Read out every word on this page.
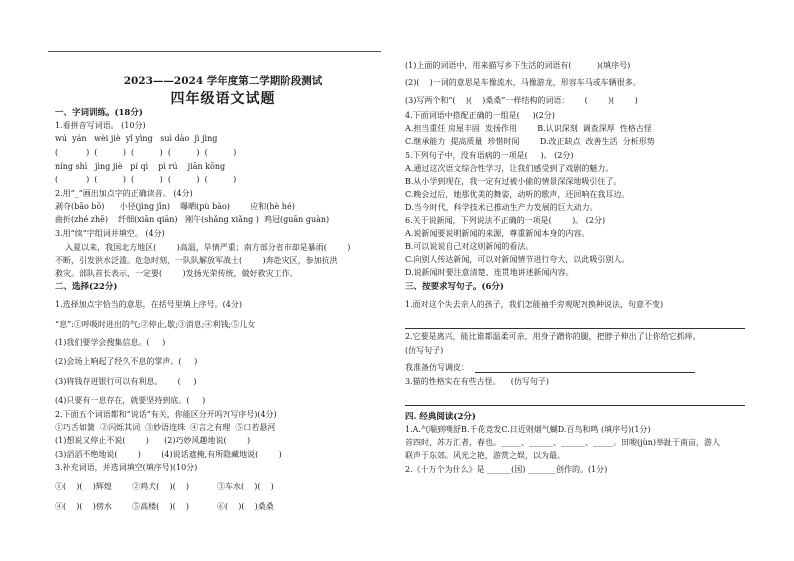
2023——2024 学年度第二学期阶段测试
四年级语文试题
一、字词训练。(18分)
1.看拼音写词语。 (10分)
wú  yán   wèi jiè  yǐ yìng   suì dào  jì jìng
(           )  (          )  (          )  (          )  (          )
níng shì   jìng jiè   pí qì    pì rú    jiān kōng
(           )  (          )  (          )  (          )  (          )
2.用“_”画出加点字的正确读音。 (4分)
剥夺(bāo bō)      小径(jìng jīn)    曝晒(pù bào)        应和(hè hé)
曲折(zhé zhē)    纤细(xiān qiān)   刚午(shǎng xiǎng )  鸡冠(guān guàn)
3.用“续”字组词并填空。 (4分)
入夏以来，我国北方地区(        )高温，旱情严重；南方部分省市却是暴雨(        )
不断，引发洪水泛滥。危急时刻，一队队解放军战士(        )奔赴灾区，参加抗洪
救灾。部队首长表示，一定要(        )发扬光荣传统，做好救灾工作。
二、选择(22分)
1.选择加点字恰当的意思，在括号里填上序号。(4分)
“息”:①呼吸时进出的气;②停止,歇;③消息;④利钱;⑤儿女
(1)我们要学会搜集信息。(     )
(2)会场上响起了经久不息的掌声。(     )
(3)将钱存进银行可以有利息。      (     )
(4)只要有一息存在，就要坚持到底。(     )
2.下面五个词语都和“说话”有关，你能区分开吗?(写序号)(4分)
①巧舌如簧  ②闪烁其词  ③妙语连珠  ④言之有理  ⑤口若悬河
(1)想说又停止不说(        )      (2)巧妙风趣地说(        )
(3)滔滔不绝地说(        )        (4)说话遮掩,有所隐藏地说(        )
3.补充词语，并选词填空(填序号)(10分)
①(    )(    )辉煌        ②鸡犬(    )(    )           ③车水(    )(    )
④(    )(    )傍水        ⑤高楼(    )(    )           ⑥(    )(    )桑桑
(1)上面的词语中，用来描写乡下生活的词语有(          )(填序号)
(2)(    )一词的意思是车像流水，马像游龙，形容车马或车辆很多。
(3)写两个和“(    )(    )桑桑”一样结构的词语：      (        )(        )
4.下面词语中搭配正确的一组是(     )(2分)
A.担当重任 房屋丰固  发扬作用        B.认识深刻  调查深厚  性格古怪
C.继承能力  提高质量  珍惜时间        D.改正缺点  改善生活  分析形势
5.下列句子中，没有语病的一项是(     )。 (2分)
A.通过这次语文综合性学习，让我们感受到了戏剧的魅力。
B.从小学到现在，我一定有过被小偷的情景深深地吸引住了。
C.晚会过后，她那优美的舞姿，动听的歌声，还回响在我耳边。
D.当今时代，科学技术已推动生产力发展的巨大动力。
6.关于说新闻，下列说法不正确的一项是(        )。 (2分)
A.说新闻要说明新闻的来源，尊重新闻本身的内容。
B.可以说说自己对这则新闻的看法。
C.向别人传达新闻，可以对新闻情节进行夸大，以此吸引别人。
D.说新闻时要注意清楚、连贯地讲述新闻内容。
三、按要求写句子。(6分)
1.面对这个失去亲人的孩子，我们怎能袖手旁观呢?(换种说法，句意不变)
2.它要是离兴，能比谁都温柔可亲，用身子蹭你的腿，把脖子伸出了让你给它抓痒。
(仿写句子)
我准备仿写调皮：
3.猫的性格实在有些古怪。    (仿写句子)
四. 经典阅读(2分)
1.A.气喘到噗舒B.千花竞发C.日近则烟气蝴D.百鸟和鸣 (填序号)(1分)
首四时，苏万汇者，春也。_____、______、______、_____。田唆(jùn)举趾于南亩，游人
联声于东郊。风光之艳，游赏之娱，以为最。
2.《十万个为什么》是 ______(国) _______创作的。(1分)
